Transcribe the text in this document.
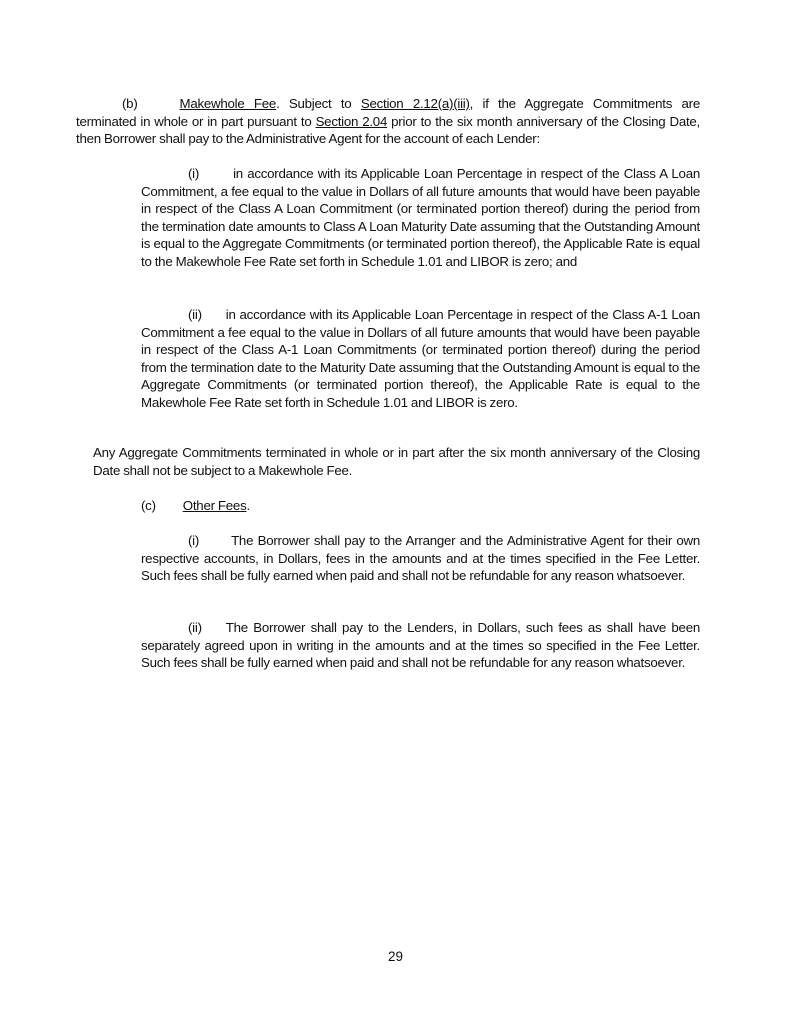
(b)	Makewhole Fee. Subject to Section 2.12(a)(iii), if the Aggregate Commitments are terminated in whole or in part pursuant to Section 2.04 prior to the six month anniversary of the Closing Date, then Borrower shall pay to the Administrative Agent for the account of each Lender:

(i)	in accordance with its Applicable Loan Percentage in respect of the Class A Loan Commitment, a fee equal to the value in Dollars of all future amounts that would have been payable in respect of the Class A Loan Commitment (or terminated portion thereof) during the period from the termination date amounts to Class A Loan Maturity Date assuming that the Outstanding Amount is equal to the Aggregate Commitments (or terminated portion thereof), the Applicable Rate is equal to the Makewhole Fee Rate set forth in Schedule 1.01 and LIBOR is zero; and

(ii) in accordance with its Applicable Loan Percentage in respect of the Class A-1 Loan Commitment a fee equal to the value in Dollars of all future amounts that would have been payable in respect of the Class A-1 Loan Commitments (or terminated portion thereof) during the period from the termination date to the Maturity Date assuming that the Outstanding Amount is equal to the Aggregate Commitments (or terminated portion thereof), the Applicable Rate is equal to the Makewhole Fee Rate set forth in Schedule 1.01 and LIBOR is zero.

Any Aggregate Commitments terminated in whole or in part after the six month anniversary of the Closing Date shall not be subject to a Makewhole Fee.

(c) Other Fees.

(i) The Borrower shall pay to the Arranger and the Administrative Agent for their own respective accounts, in Dollars, fees in the amounts and at the times specified in the Fee Letter. Such fees shall be fully earned when paid and shall not be refundable for any reason whatsoever.

(ii) The Borrower shall pay to the Lenders, in Dollars, such fees as shall have been separately agreed upon in writing in the amounts and at the times so specified in the Fee Letter. Such fees shall be fully earned when paid and shall not be refundable for any reason whatsoever.

29
